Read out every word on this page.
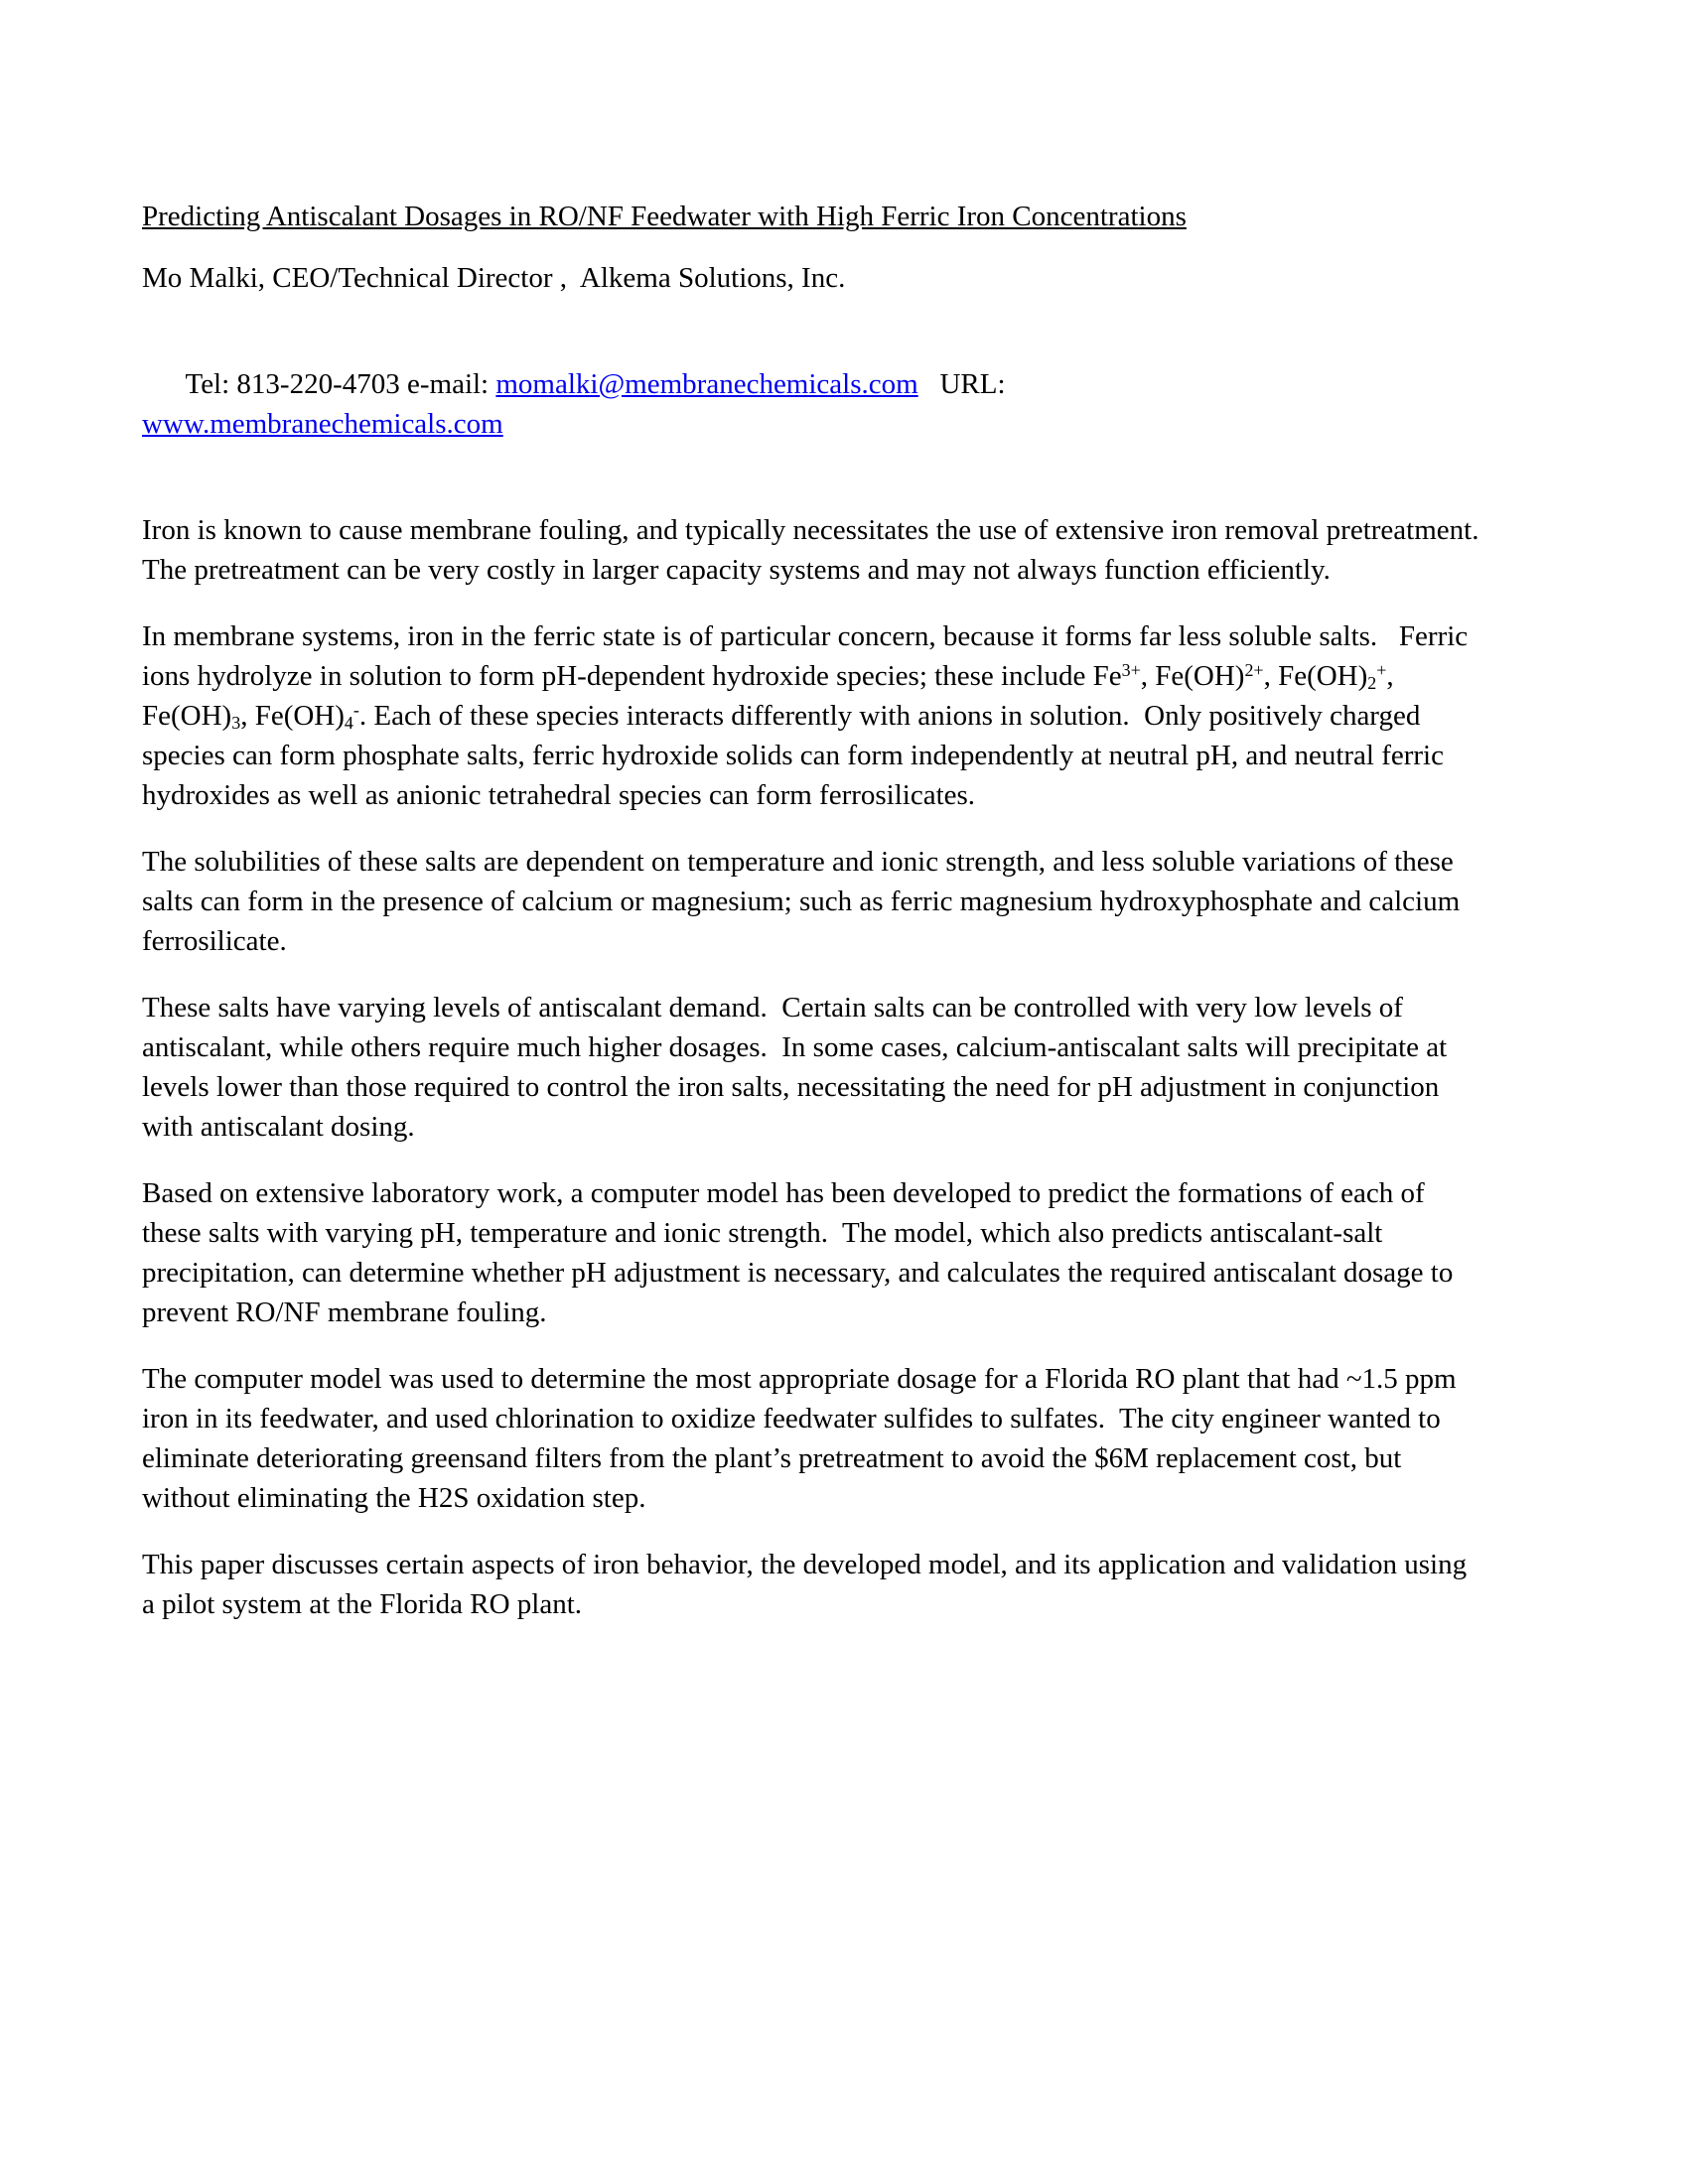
Predicting Antiscalant Dosages in RO/NF Feedwater with High Ferric Iron Concentrations

Mo Malki, CEO/Technical Director ,  Alkema Solutions, Inc.

Tel: 813-220-4703 e-mail: momalki@membranechemicals.com   URL:
www.membranechemicals.com

Iron is known to cause membrane fouling, and typically necessitates the use of extensive iron removal pretreatment.  The pretreatment can be very costly in larger capacity systems and may not always function efficiently.

In membrane systems, iron in the ferric state is of particular concern, because it forms far less soluble salts.   Ferric ions hydrolyze in solution to form pH-dependent hydroxide species; these include $Fe^{3+}$, Fe(OH)$^{2+}$, Fe(OH)2+, Fe(OH)3, Fe(OH)4-. Each of these species interacts differently with anions in solution.  Only positively charged species can form phosphate salts, ferric hydroxide solids can form independently at neutral pH, and neutral ferric hydroxides as well as anionic tetrahedral species can form ferrosilicates.

The solubilities of these salts are dependent on temperature and ionic strength, and less soluble variations of these salts can form in the presence of calcium or magnesium; such as ferric magnesium hydroxyphosphate and calcium ferrosilicate.

These salts have varying levels of antiscalant demand.  Certain salts can be controlled with very low levels of antiscalant, while others require much higher dosages.  In some cases, calcium-antiscalant salts will precipitate at levels lower than those required to control the iron salts, necessitating the need for pH adjustment in conjunction with antiscalant dosing.

Based on extensive laboratory work, a computer model has been developed to predict the formations of each of these salts with varying pH, temperature and ionic strength.  The model, which also predicts antiscalant-salt precipitation, can determine whether pH adjustment is necessary, and calculates the required antiscalant dosage to prevent RO/NF membrane fouling.

The computer model was used to determine the most appropriate dosage for a Florida RO plant that had ~1.5 ppm iron in its feedwater, and used chlorination to oxidize feedwater sulfides to sulfates.  The city engineer wanted to eliminate deteriorating greensand filters from the plant’s pretreatment to avoid the $6M replacement cost, but without eliminating the H2S oxidation step.

This paper discusses certain aspects of iron behavior, the developed model, and its application and validation using a pilot system at the Florida RO plant.
